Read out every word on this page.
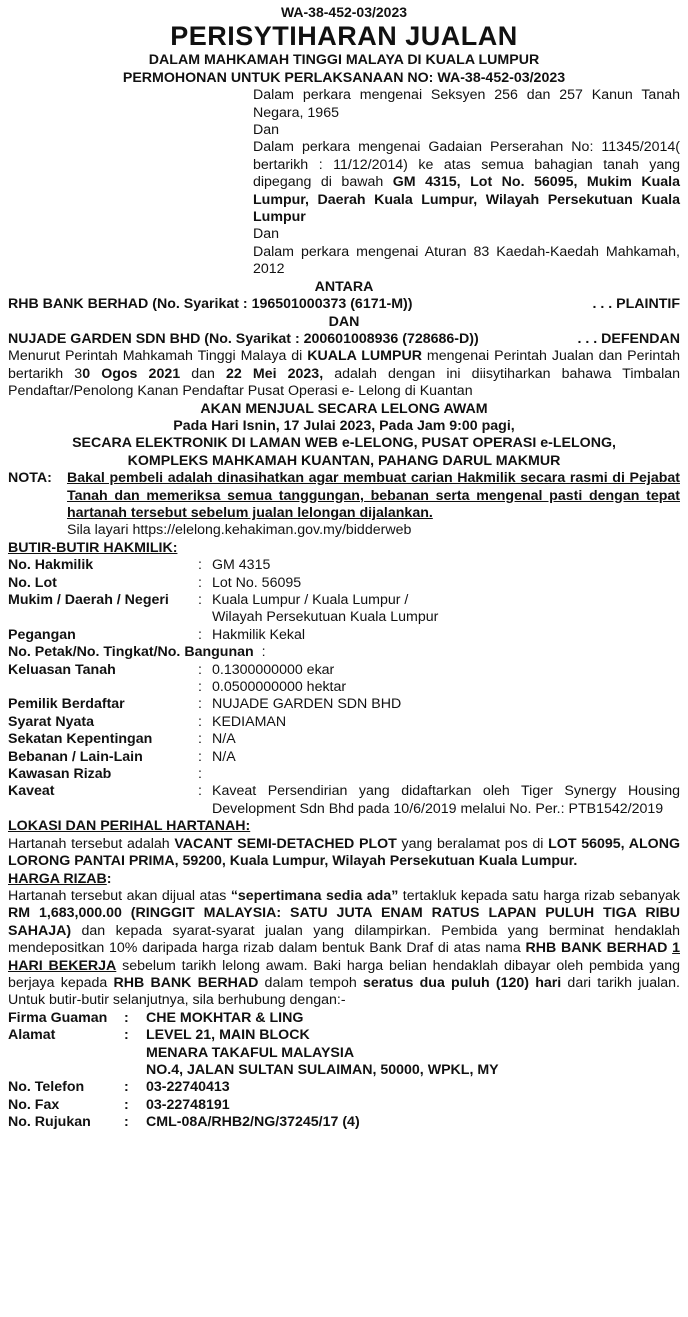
WA-38-452-03/2023
PERISYTIHARAN JUALAN
DALAM MAHKAMAH TINGGI MALAYA DI KUALA LUMPUR
PERMOHONAN UNTUK PERLAKSANAAN NO: WA-38-452-03/2023

Dalam perkara mengenai Seksyen 256 dan 257 Kanun Tanah Negara, 1965

Dan

Dalam perkara mengenai Gadaian Perserahan No: 11345/2014( bertarikh : 11/12/2014) ke atas semua bahagian tanah yang dipegang di bawah GM 4315, Lot No. 56095, Mukim Kuala Lumpur, Daerah Kuala Lumpur, Wilayah Persekutuan Kuala Lumpur

Dan

Dalam perkara mengenai Aturan 83 Kaedah-Kaedah Mahkamah, 2012

ANTARA
RHB BANK BERHAD (No. Syarikat : 196501000373 (6171-M))	. . . PLAINTIF
DAN
NUJADE GARDEN SDN BHD (No. Syarikat : 200601008936 (728686-D))	. . . DEFENDAN

Menurut Perintah Mahkamah Tinggi Malaya di KUALA LUMPUR mengenai Perintah Jualan dan Perintah bertarikh 30 Ogos 2021 dan 22 Mei 2023, adalah dengan ini diisytiharkan bahawa Timbalan Pendaftar/Penolong Kanan Pendaftar Pusat Operasi e- Lelong di Kuantan

AKAN MENJUAL SECARA LELONG AWAM
Pada Hari Isnin, 17 Julai 2023, Pada Jam 9:00 pagi,
SECARA ELEKTRONIK DI LAMAN WEB e-LELONG, PUSAT OPERASI e-LELONG,
KOMPLEKS MAHKAMAH KUANTAN, PAHANG DARUL MAKMUR
NOTA:	Bakal pembeli adalah dinasihatkan agar membuat carian Hakmilik secara rasmi di Pejabat Tanah dan memeriksa semua tanggungan, bebanan serta mengenal pasti dengan tepat hartanah tersebut sebelum jualan lelongan dijalankan.

Sila layari https://elelong.kehakiman.gov.my/bidderweb

BUTIR-BUTIR HAKMILIK:
No. Hakmilik	: GM 4315
No. Lot	: Lot No. 56095
Mukim / Daerah / Negeri	: Kuala Lumpur / Kuala Lumpur /
Wilayah Persekutuan Kuala Lumpur
Pegangan	: Hakmilik Kekal
No. Petak/No. Tingkat/No. Bangunan :
Keluasan Tanah	: 0.1300000000 ekar
: 0.0500000000 hektar
Pemilik Berdaftar	: NUJADE GARDEN SDN BHD
Syarat Nyata	: KEDIAMAN
Sekatan Kepentingan	: N/A
Bebanan / Lain-Lain	: N/A
Kawasan Rizab	:
Kaveat	: Kaveat Persendirian yang didaftarkan oleh Tiger Synergy Housing Development Sdn Bhd pada 10/6/2019 melalui No. Per.: PTB1542/2019
LOKASI DAN PERIHAL HARTANAH:

Hartanah tersebut adalah VACANT SEMI-DETACHED PLOT yang beralamat pos di LOT 56095, ALONG LORONG PANTAI PRIMA, 59200, Kuala Lumpur, Wilayah Persekutuan Kuala Lumpur.

HARGA RIZAB:

Hartanah tersebut akan dijual atas “sepertimana sedia ada” tertakluk kepada satu harga rizab sebanyak RM 1,683,000.00 (RINGGIT MALAYSIA: SATU JUTA ENAM RATUS LAPAN PULUH TIGA RIBU SAHAJA) dan kepada syarat-syarat jualan yang dilampirkan. Pembida yang berminat hendaklah mendepositkan 10% daripada harga rizab dalam bentuk Bank Draf di atas nama RHB BANK BERHAD 1 HARI BEKERJA sebelum tarikh lelong awam. Baki harga belian hendaklah dibayar oleh pembida yang berjaya kepada RHB BANK BERHAD dalam tempoh seratus dua puluh (120) hari dari tarikh jualan. Untuk butir-butir selanjutnya, sila berhubung dengan:-

Firma Guaman	:	CHE MOKHTAR & LING
Alamat	:	LEVEL 21, MAIN BLOCK
MENARA TAKAFUL MALAYSIA
NO.4, JALAN SULTAN SULAIMAN, 50000, WPKL, MY
No. Telefon	:	03-22740413
No. Fax	:	03-22748191
No. Rujukan	:	CML-08A/RHB2/NG/37245/17 (4)
